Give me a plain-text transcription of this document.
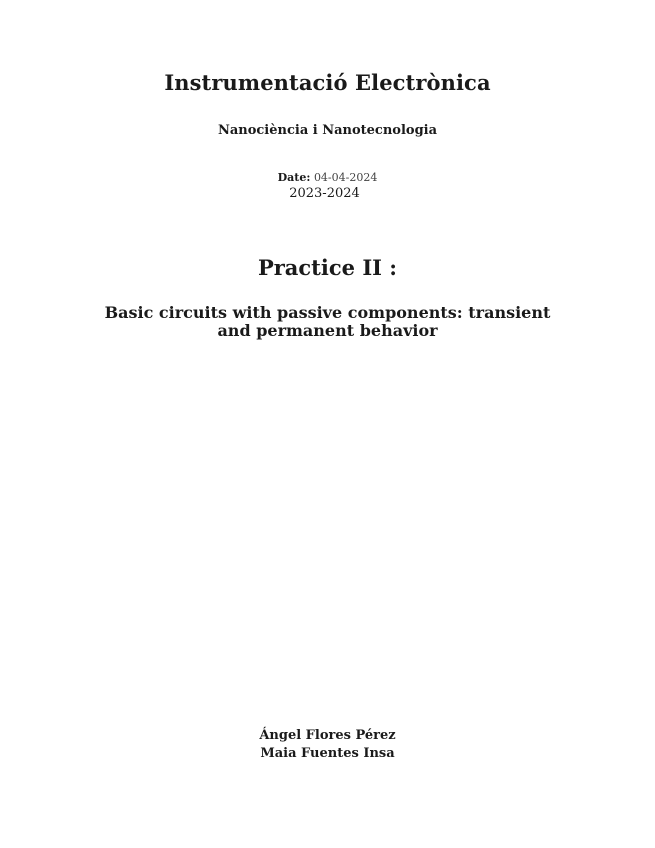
Instrumentació Electrònica
Nanociència i Nanotecnologia
Date: 04-04-2024
2023-2024
Practice II :
Basic circuits with passive components: transient
and permanent behavior
Ángel Flores Pérez
Maia Fuentes Insa
